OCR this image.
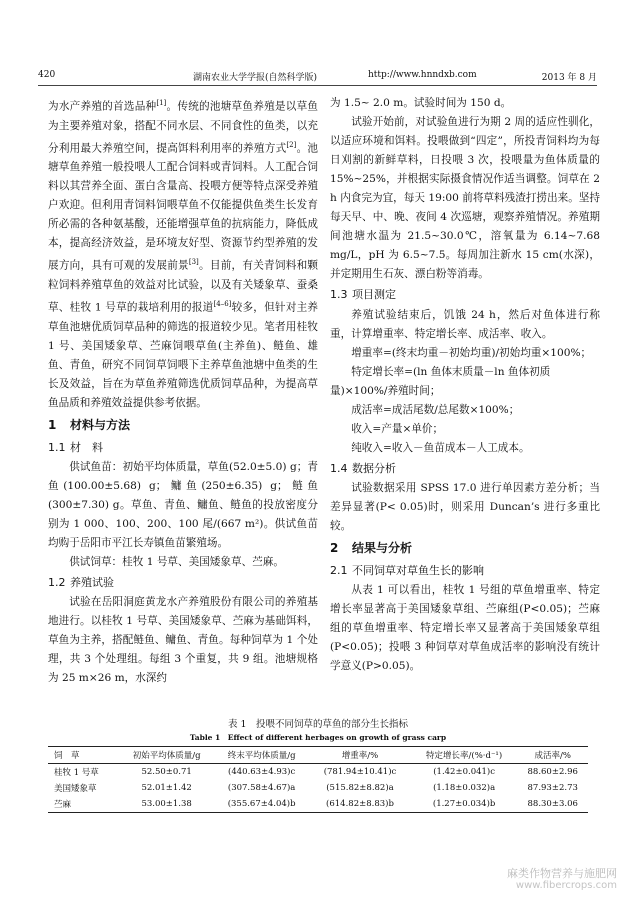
420	湖南农业大学学报(自然科学版)	http://www.hnndxb.com	2013 年 8 月

为水产养殖的首选品种[1]。传统的池塘草鱼养殖是以草鱼为主要养殖对象，搭配不同水层、不同食性的鱼类，以充分利用最大养殖空间，提高饵料利用率的养殖方式[2]。池塘草鱼养殖一般投喂人工配合饲料或青饲料。人工配合饲料以其营养全面、蛋白含量高、投喂方便等特点深受养殖户欢迎。但利用青饲料饲喂草鱼不仅能提供鱼类生长发育所必需的各种氨基酸，还能增强草鱼的抗病能力，降低成本，提高经济效益，是环境友好型、资源节约型养殖的发展方向，具有可观的发展前景[3]。目前，有关青饲料和颗粒饲料养殖草鱼的效益对比试验，以及有关矮象草、蚕桑草、桂牧 1 号草的栽培利用的报道[4–6]较多，但针对主养草鱼池塘优质饲草品种的筛选的报道较少见。笔者用桂牧 1 号、美国矮象草、苎麻饲喂草鱼(主养鱼)、鲢鱼、雄鱼、青鱼，研究不同饲草饲喂下主养草鱼池塘中鱼类的生长及效益，旨在为草鱼养殖筛选优质饲草品种，为提高草鱼品质和养殖效益提供参考依据。

1 材料与方法
1.1 材　料

供试鱼苗：初始平均体质量，草鱼(52.0±5.0) g；青鱼(100.00±5.68) g；鳙鱼(250±6.35) g；鲢鱼(300±7.30) g。草鱼、青鱼、鳙鱼、鲢鱼的投放密度分别为 1 000、100、200、100 尾/(667 m²)。供试鱼苗均购于岳阳市平江长寿镇鱼苗繁殖场。

供试饲草：桂牧 1 号草、美国矮象草、苎麻。

1.2 养殖试验

试验在岳阳洞庭黄龙水产养殖股份有限公司的养殖基地进行。以桂牧 1 号草、美国矮象草、苎麻为基础饵料，草鱼为主养，搭配鲢鱼、鳙鱼、青鱼。每种饲草为 1 个处理，共 3 个处理组。每组 3 个重复，共 9 组。池塘规格为 25 m×26 m，水深约

为 1.5~ 2.0 m。试验时间为 150 d。

试验开始前，对试验鱼进行为期 2 周的适应性驯化，以适应环境和饵料。投喂做到“四定”，所投青饲料均为每日刈割的新鲜草料，日投喂 3 次，投喂量为鱼体质量的 15%~25%，并根据实际摄食情况作适当调整。饲草在 2 h 内食完为宜，每天 19:00 前将草料残渣打捞出来。坚持每天早、中、晚、夜间 4 次巡塘，观察养殖情况。养殖期间池塘水温为 21.5~30.0℃，溶氧量为 6.14~7.68 mg/L，pH 为 6.5~7.5。每周加注新水 15 cm(水深)，并定期用生石灰、漂白粉等消毒。

1.3 项目测定

养殖试验结束后，饥饿 24 h，然后对鱼体进行称重，计算增重率、特定增长率、成活率、收入。

增重率=(终末均重－初始均重)/初始均重×100%；

特定增长率=(ln 鱼体末质量－ln 鱼体初质量)×100%/养殖时间；

成活率=成活尾数/总尾数×100%；

收入=产量×单价；

纯收入=收入－鱼苗成本－人工成本。

1.4 数据分析

试验数据采用 SPSS 17.0 进行单因素方差分析；当差异显著(P< 0.05)时，则采用 Duncan’s 进行多重比较。

2 结果与分析
2.1 不同饲草对草鱼生长的影响

从表 1 可以看出，桂牧 1 号组的草鱼增重率、特定增长率显著高于美国矮象草组、苎麻组(P<0.05)；苎麻组的草鱼增重率、特定增长率又显著高于美国矮象草组(P<0.05)；投喂 3 种饲草对草鱼成活率的影响没有统计学意义(P>0.05)。

表 1　投喂不同饲草的草鱼的部分生长指标
Table 1　Effect of different herbages on growth of grass carp
饲　草	初始平均体质量/g	终末平均体质量/g	增重率/%	特定增长率/(%·d⁻¹)	成活率/%
桂牧 1 号草	52.50±0.71	(440.63±4.93)c	(781.94±10.41)c	(1.42±0.041)c	88.60±2.96
美国矮象草	52.01±1.42	(307.58±4.67)a	(515.82±8.82)a	(1.18±0.032)a	87.93±2.73
苎麻	53.00±1.38	(355.67±4.04)b	(614.82±8.83)b	(1.27±0.034)b	88.30±3.06
麻类作物营养与施肥网
www.fibercrops.com
